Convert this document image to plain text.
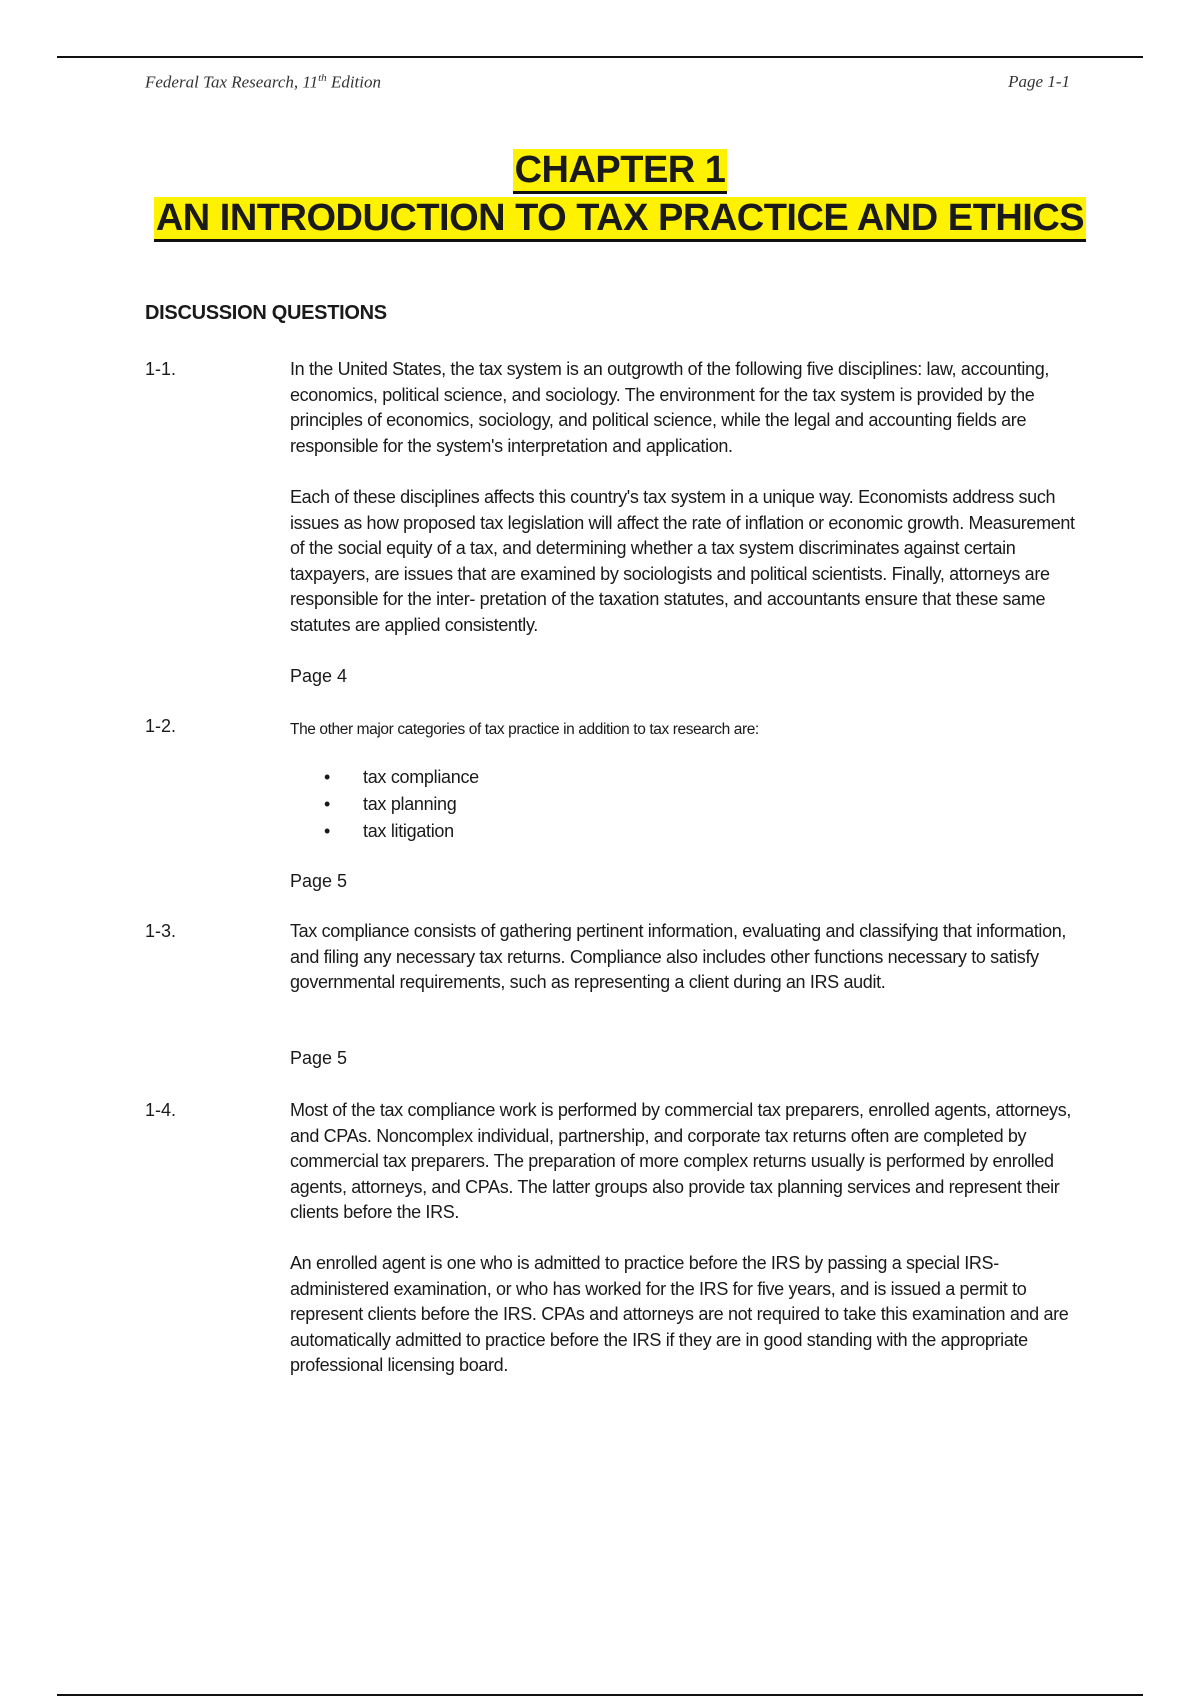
Federal Tax Research, 11th Edition	Page 1-1
CHAPTER 1
AN INTRODUCTION TO TAX PRACTICE AND ETHICS
DISCUSSION QUESTIONS
1-1.	In the United States, the tax system is an outgrowth of the following five disciplines: law, accounting, economics, political science, and sociology. The environment for the tax system is provided by the principles of economics, sociology, and political science, while the legal and accounting fields are responsible for the system's interpretation and application.

Each of these disciplines affects this country's tax system in a unique way. Economists address such issues as how proposed tax legislation will affect the rate of inflation or economic growth. Measurement of the social equity of a tax, and determining whether a tax system discriminates against certain taxpayers, are issues that are examined by sociologists and political scientists. Finally, attorneys are responsible for the inter- pretation of the taxation statutes, and accountants ensure that these same statutes are applied consistently.

Page 4
1-2.	The other major categories of tax practice in addition to tax research are:

• tax compliance
• tax planning
• tax litigation
Page 5
1-3.	Tax compliance consists of gathering pertinent information, evaluating and classifying that information, and filing any necessary tax returns. Compliance also includes other functions necessary to satisfy governmental requirements, such as representing a client during an IRS audit.

Page 5
1-4.	Most of the tax compliance work is performed by commercial tax preparers, enrolled agents, attorneys, and CPAs. Noncomplex individual, partnership, and corporate tax returns often are completed by commercial tax preparers. The preparation of more complex returns usually is performed by enrolled agents, attorneys, and CPAs. The latter groups also provide tax planning services and represent their clients before the IRS.

An enrolled agent is one who is admitted to practice before the IRS by passing a special IRS-administered examination, or who has worked for the IRS for five years, and is issued a permit to represent clients before the IRS. CPAs and attorneys are not required to take this examination and are automatically admitted to practice before the IRS if they are in good standing with the appropriate professional licensing board.
